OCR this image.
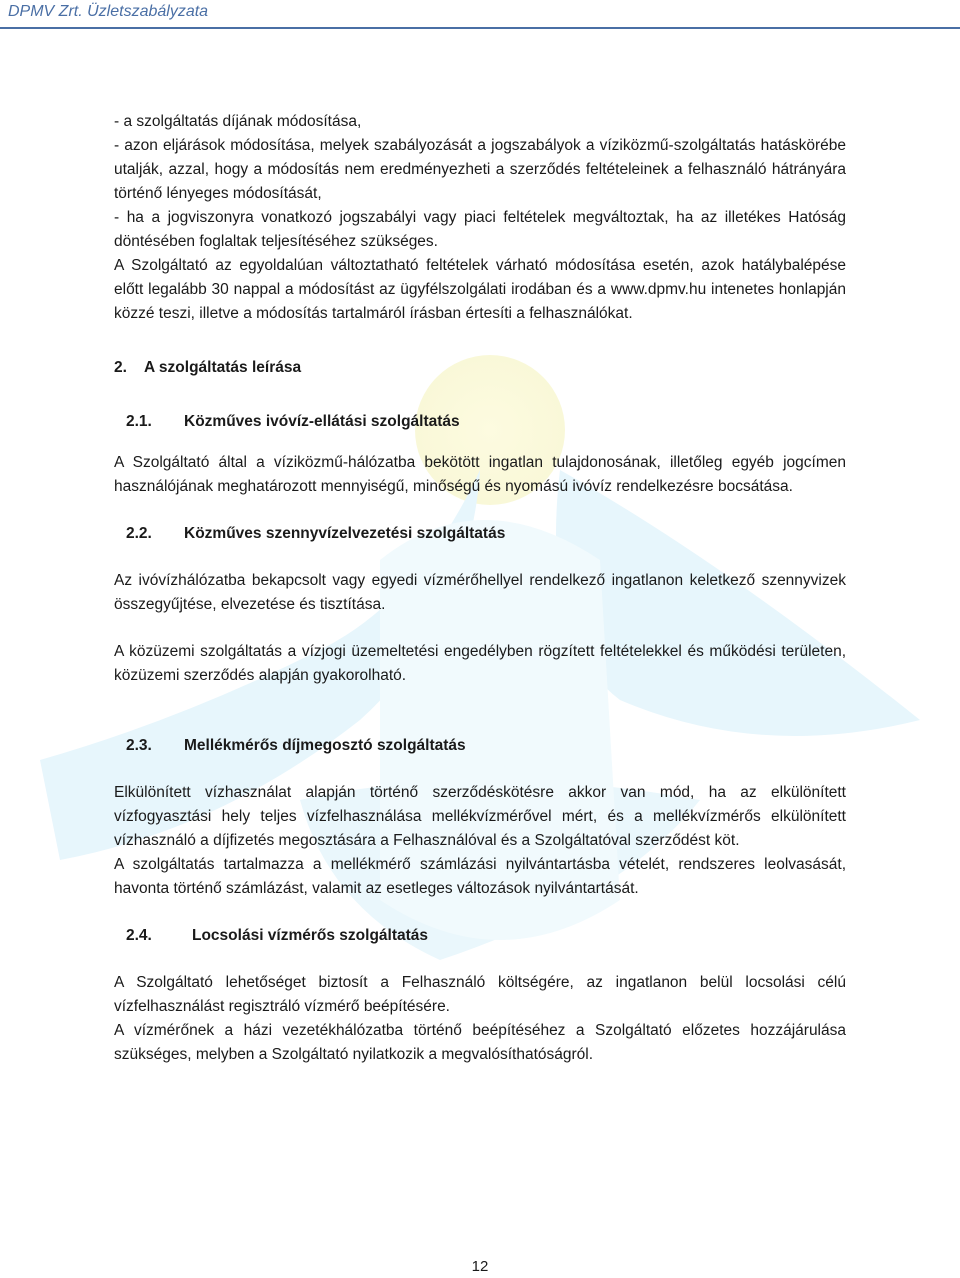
DPMV Zrt. Üzletszabályzata

- a szolgáltatás díjának módosítása,

- azon eljárások módosítása, melyek szabályozását a jogszabályok a víziközmű-szolgáltatás hatáskörébe utalják, azzal, hogy a módosítás nem eredményezheti a szerződés feltételeinek a felhasználó hátrányára történő lényeges módosítását,

- ha a jogviszonyra vonatkozó jogszabályi vagy piaci feltételek megváltoztak, ha az illetékes Hatóság döntésében foglaltak teljesítéséhez szükséges.

A Szolgáltató az egyoldalúan változtatható feltételek várható módosítása esetén, azok hatálybalépése előtt legalább 30 nappal a módosítást az ügyfélszolgálati irodában és a www.dpmv.hu intenetes honlapján közzé teszi, illetve a módosítás tartalmáról írásban értesíti a felhasználókat.

2. A szolgáltatás leírása
2.1. Közműves ivóvíz-ellátási szolgáltatás

A Szolgáltató által a víziközmű-hálózatba bekötött ingatlan tulajdonosának, illetőleg egyéb jogcímen használójának meghatározott mennyiségű, minőségű és nyomású ivóvíz rendelkezésre bocsátása.

2.2. Közműves szennyvízelvezetési szolgáltatás

Az ivóvízhálózatba bekapcsolt vagy egyedi vízmérőhellyel rendelkező ingatlanon keletkező szennyvizek összegyűjtése, elvezetése és tisztítása.

A közüzemi szolgáltatás a vízjogi üzemeltetési engedélyben rögzített feltételekkel és működési területen, közüzemi szerződés alapján gyakorolható.

2.3. Mellékmérős díjmegosztó szolgáltatás

Elkülönített vízhasználat alapján történő szerződéskötésre akkor van mód, ha az elkülönített vízfogyasztási hely teljes vízfelhasználása mellékvízmérővel mért, és a mellékvízmérős elkülönített vízhasználó a díjfizetés megosztására a Felhasználóval és a Szolgáltatóval szerződést köt.

A szolgáltatás tartalmazza a mellékmérő számlázási nyilvántartásba vételét, rendszeres leolvasását, havonta történő számlázást, valamit az esetleges változások nyilvántartását.

2.4.	Locsolási vízmérős szolgáltatás

A Szolgáltató lehetőséget biztosít a Felhasználó költségére, az ingatlanon belül locsolási célú vízfelhasználást regisztráló vízmérő beépítésére.

A vízmérőnek a házi vezetékhálózatba történő beépítéséhez a Szolgáltató előzetes hozzájárulása szükséges, melyben a Szolgáltató nyilatkozik a megvalósíthatóságról.

12
